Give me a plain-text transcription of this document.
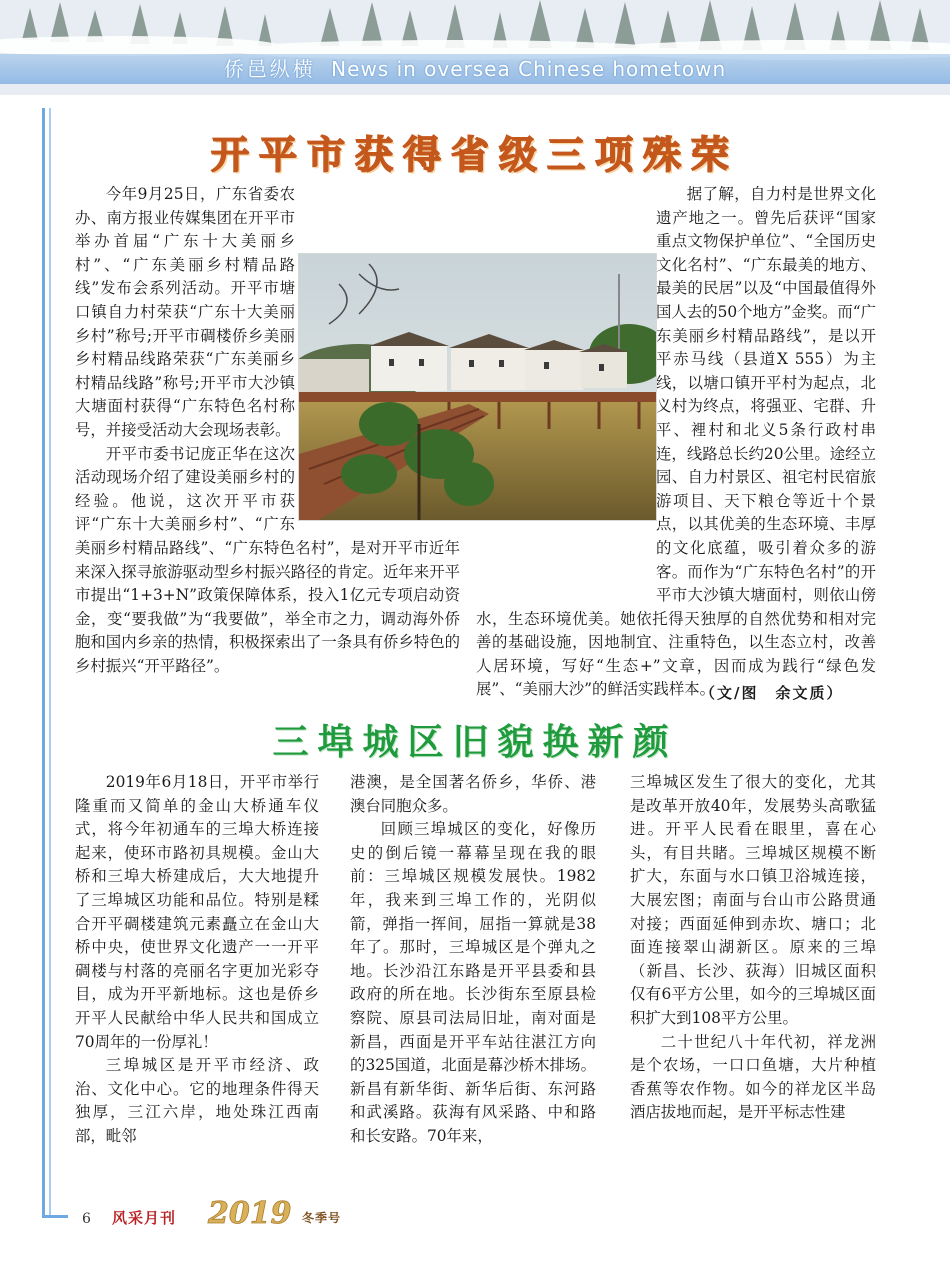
侨邑纵横 News in oversea Chinese hometown
开平市获得省级三项殊荣

今年9月25日，广东省委农办、南方报业传媒集团在开平市举办首届“广东十大美丽乡村”、“广东美丽乡村精品路线”发布会系列活动。开平市塘口镇自力村荣获“广东十大美丽乡村”称号;开平市碉楼侨乡美丽乡村精品线路荣获“广东美丽乡村精品线路”称号;开平市大沙镇大塘面村获得“广东特色名村称号，并接受活动大会现场表彰。

开平市委书记庞正华在这次活动现场介绍了建设美丽乡村的经验。他说，这次开平市获评“广东十大美丽乡村”、“广东美丽乡村精品路线”、“广东特色名村”，是对开平市近年来深入探寻旅游驱动型乡村振兴路径的肯定。近年来开平市提出“1+3+N”政策保障体系，投入1亿元专项启动资金，变“要我做”为“我要做”，举全市之力，调动海外侨胞和国内乡亲的热情，积极探索出了一条具有侨乡特色的乡村振兴“开平路径”。

据了解，自力村是世界文化遗产地之一。曾先后获评“国家重点文物保护单位”、“全国历史文化名村”、“广东最美的地方、最美的民居”以及“中国最值得外国人去的50个地方”金奖。而“广东美丽乡村精品路线”，是以开平赤马线（县道X 555）为主线，以塘口镇开平村为起点，北义村为终点，将强亚、宅群、升平、裡村和北义5条行政村串连，线路总长约20公里。途经立园、自力村景区、祖宅村民宿旅游项目、天下粮仓等近十个景点，以其优美的生态环境、丰厚的文化底蕴，吸引着众多的游客。而作为“广东特色名村”的开平市大沙镇大塘面村，则依山傍水，生态环境优美。她依托得天独厚的自然优势和相对完善的基础设施，因地制宜、注重特色，以生态立村，改善人居环境，写好“生态+”文章，因而成为践行“绿色发展”、“美丽大沙”的鲜活实践样本。

（文/图　余文质）
三埠城区旧貌换新颜

2019年6月18日，开平市举行隆重而又简单的金山大桥通车仪式，将今年初通车的三埠大桥连接起来，使环市路初具规模。金山大桥和三埠大桥建成后，大大地提升了三埠城区功能和品位。特别是糅合开平碉楼建筑元素矗立在金山大桥中央，使世界文化遗产一一开平碉楼与村落的亮丽名字更加光彩夺目，成为开平新地标。这也是侨乡开平人民献给中华人民共和国成立70周年的一份厚礼！

三埠城区是开平市经济、政治、文化中心。它的地理条件得天独厚，三江六岸，地处珠江西南部，毗邻

港澳，是全国著名侨乡，华侨、港澳台同胞众多。

回顾三埠城区的变化，好像历史的倒后镜一幕幕呈现在我的眼前：三埠城区规模发展快。1982年，我来到三埠工作的，光阴似箭，弹指一挥间，屈指一算就是38年了。那时，三埠城区是个弹丸之地。长沙沿江东路是开平县委和县政府的所在地。长沙街东至原县检察院、原县司法局旧址，南对面是新昌，西面是开平车站往湛江方向的325国道，北面是幕沙桥木排场。新昌有新华街、新华后街、东河路和武溪路。荻海有风采路、中和路和长安路。70年来，

三埠城区发生了很大的变化，尤其是改革开放40年，发展势头高歌猛进。开平人民看在眼里，喜在心头，有目共睹。三埠城区规模不断扩大，东面与水口镇卫浴城连接，大展宏图；南面与台山市公路贯通对接；西面延伸到赤坎、塘口；北面连接翠山湖新区。原来的三埠（新昌、长沙、荻海）旧城区面积仅有6平方公里，如今的三埠城区面积扩大到108平方公里。

二十世纪八十年代初，祥龙洲是个农场，一口口鱼塘，大片种植香蕉等农作物。如今的祥龙区半岛酒店拔地而起，是开平标志性建

6 风采月刊 2019 冬季号
